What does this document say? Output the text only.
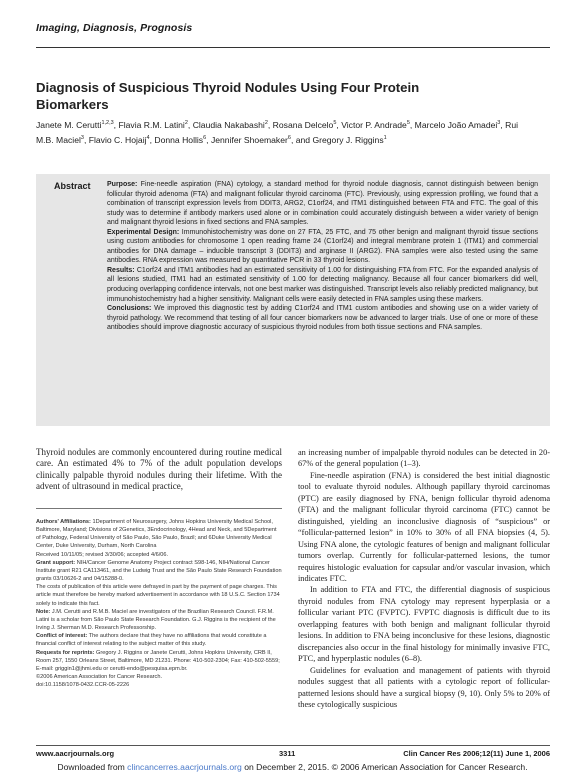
Imaging, Diagnosis, Prognosis
Diagnosis of Suspicious Thyroid Nodules Using Four Protein Biomarkers
Janete M. Cerutti$^{1,2,3}$, Flavia R.M. Latini$^2$, Claudia Nakabashi$^2$, Rosana Delcelo$^5$, Victor P. Andrade$^5$, Marcelo João Amadei$^3$, Rui M.B. Maciel$^3$, Flavio C. Hojaij$^4$, Donna Hollis$^6$, Jennifer Shoemaker$^6$, and Gregory J. Riggins$^1$
Abstract Purpose: Fine-needle aspiration (FNA) cytology, a standard method for thyroid nodule diagnosis, cannot distinguish between benign follicular thyroid adenoma (FTA) and malignant follicular thyroid carcinoma (FTC). Previously, using expression profiling, we found that a combination of transcript expression levels from DDIT3, ARG2, C1orf24, and ITM1 distinguished between FTA and FTC. The goal of this study was to determine if antibody markers used alone or in combination could accurately distinguish between a wider variety of benign and malignant thyroid lesions in fixed sections and FNA samples.

Experimental Design: Immunohistochemistry was done on 27 FTA, 25 FTC, and 75 other benign and malignant thyroid tissue sections using custom antibodies for chromosome 1 open reading frame 24 (C1orf24) and integral membrane protein 1 (ITM1) and commercial antibodies for DNA damage – inducible transcript 3 (DDIT3) and arginase II (ARG2). FNA samples were also tested using the same antibodies. RNA expression was measured by quantitative PCR in 33 thyroid lesions.

Results: C1orf24 and ITM1 antibodies had an estimated sensitivity of 1.00 for distinguishing FTA from FTC. For the expanded analysis of all lesions studied, ITM1 had an estimated sensitivity of 1.00 for detecting malignancy. Because all four cancer biomarkers did well, producing overlapping confidence intervals, not one best marker was distinguished. Transcript levels also reliably predicted malignancy, but immunohistochemistry had a higher sensitivity. Malignant cells were easily detected in FNA samples using these markers.

Conclusions: We improved this diagnostic test by adding C1orf24 and ITM1 custom antibodies and showing use on a wider variety of thyroid pathology. We recommend that testing of all four cancer biomarkers now be advanced to larger trials. Use of one or more of these antibodies should improve diagnostic accuracy of suspicious thyroid nodules from both tissue sections and FNA samples.

Thyroid nodules are commonly encountered during routine medical care. An estimated 4% to 7% of the adult population develops clinically palpable thyroid nodules during their lifetime. With the advent of ultrasound in medical practice,

Authors' Affiliations: 1Department of Neurosurgery, Johns Hopkins University Medical School, Baltimore, Maryland; Divisions of 2Genetics, 3Endocrinology, 4Head and Neck, and 5Department of Pathology, Federal University of São Paulo, São Paulo, Brazil; and 6Duke University Medical Center, Duke University, Durham, North Carolina

Received 10/11/05; revised 3/30/06; accepted 4/6/06.

Grant support: NIH/Cancer Genome Anatomy Project contract S98-146, NIH/National Cancer Institute grant R21 CA113461, and the Ludwig Trust and the São Paulo State Research Foundation grants 03/10626-2 and 04/15288-0.

The costs of publication of this article were defrayed in part by the payment of page charges. This article must therefore be hereby marked advertisement in accordance with 18 U.S.C. Section 1734 solely to indicate this fact.

Note: J.M. Cerutti and R.M.B. Maciel are investigators of the Brazilian Research Council. F.R.M. Latini is a scholar from São Paulo State Research Foundation. G.J. Riggins is the recipient of the Irving J. Sherman M.D. Research Professorship.

Conflict of interest: The authors declare that they have no affiliations that would constitute a financial conflict of interest relating to the subject matter of this study.

Requests for reprints: Gregory J. Riggins or Janete Cerutti, Johns Hopkins University, CRB II, Room 257, 1550 Orleans Street, Baltimore, MD 21231. Phone: 410-502-2304; Fax: 410-502-5559; E-mail: griggin1@jhmi.edu or cerutti-endo@pesquisa.epm.br.

©2006 American Association for Cancer Research.

doi:10.1158/1078-0432.CCR-05-2226

an increasing number of impalpable thyroid nodules can be detected in 20-67% of the general population (1–3).

Fine-needle aspiration (FNA) is considered the best initial diagnostic tool to evaluate thyroid nodules. Although papillary thyroid carcinomas (PTC) are easily diagnosed by FNA, benign follicular thyroid adenoma (FTA) and the malignant follicular thyroid carcinoma (FTC) cannot be distinguished, yielding an inconclusive diagnosis of “suspicious” or “follicular-patterned lesion” in 10% to 30% of all FNA biopsies (4, 5). Using FNA alone, the cytologic features of benign and malignant follicular tumors overlap. Currently for follicular-patterned lesions, the tumor requires histologic evaluation for capsular and/or vascular invasion, which indicates FTC.

In addition to FTA and FTC, the differential diagnosis of suspicious thyroid nodules from FNA cytology may represent hyperplasia or a follicular variant PTC (FVPTC). FVPTC diagnosis is difficult due to its overlapping features with both benign and malignant follicular thyroid lesions. In addition to FNA being inconclusive for these lesions, diagnostic discrepancies also occur in the final histology for minimally invasive FTC, PTC, and hyperplastic nodules (6–8).

Guidelines for evaluation and management of patients with thyroid nodules suggest that all patients with a cytologic report of follicular-patterned lesions should have a surgical biopsy (9, 10). Only 5% to 20% of these cytologically suspicious

www.aacrjournals.org	3311	Clin Cancer Res 2006;12(11) June 1, 2006
Downloaded from clincancerres.aacrjournals.org on December 2, 2015. © 2006 American Association for Cancer Research.
